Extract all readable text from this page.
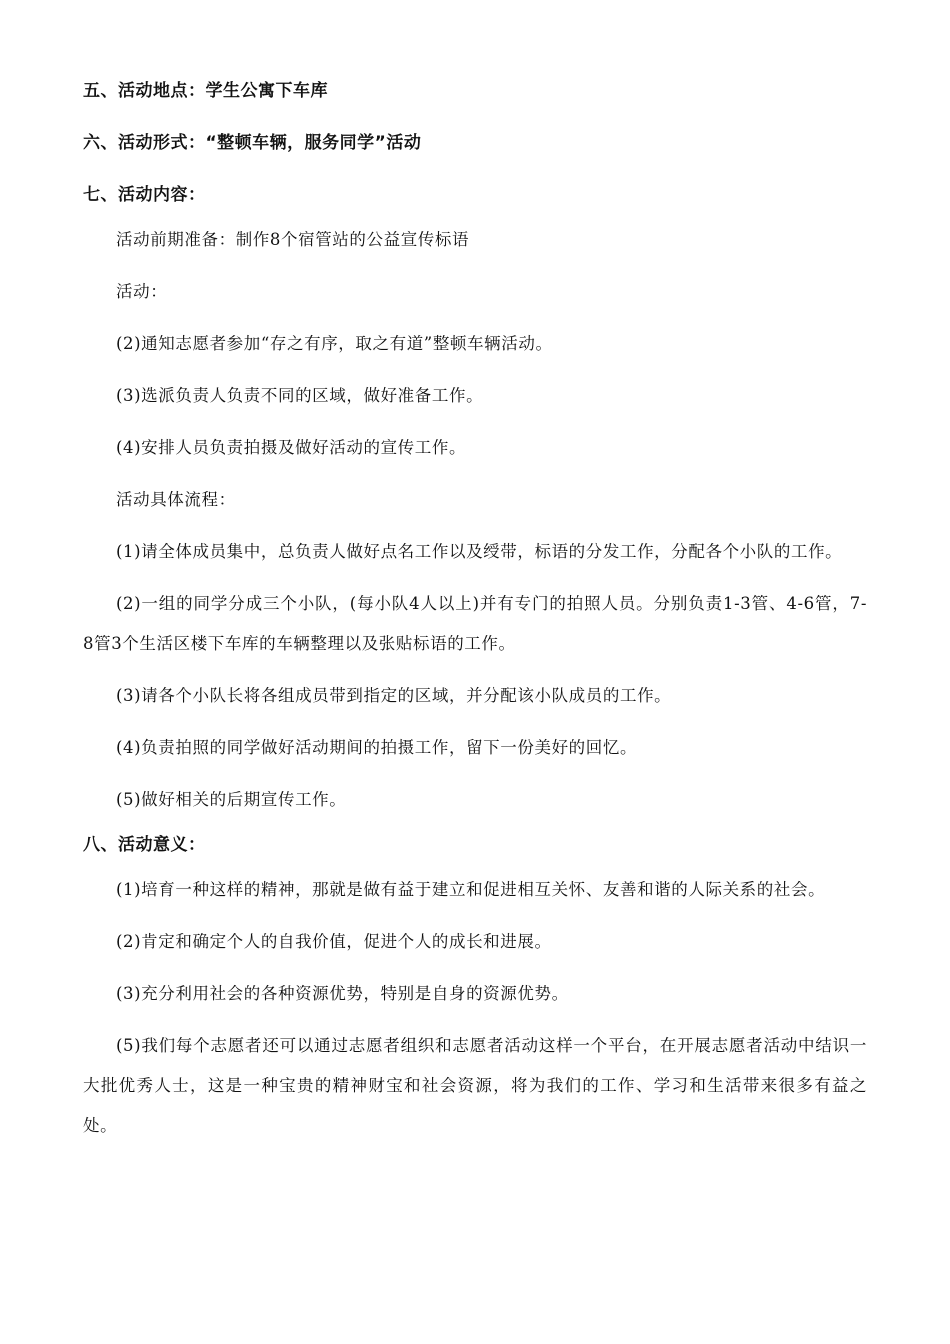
五、活动地点：学生公寓下车库

六、活动形式：“整顿车辆，服务同学”活动

七、活动内容：

活动前期准备：制作8个宿管站的公益宣传标语

活动：

(2)通知志愿者参加“存之有序，取之有道”整顿车辆活动。

(3)选派负责人负责不同的区域，做好准备工作。

(4)安排人员负责拍摄及做好活动的宣传工作。

活动具体流程：

(1)请全体成员集中，总负责人做好点名工作以及绶带，标语的分发工作，分配各个小队的工作。

(2)一组的同学分成三个小队，(每小队4人以上)并有专门的拍照人员。分别负责1-3管、4-6管，7-8管3个生活区楼下车库的车辆整理以及张贴标语的工作。

(3)请各个小队长将各组成员带到指定的区域，并分配该小队成员的工作。

(4)负责拍照的同学做好活动期间的拍摄工作，留下一份美好的回忆。

(5)做好相关的后期宣传工作。

八、活动意义：

(1)培育一种这样的精神，那就是做有益于建立和促进相互关怀、友善和谐的人际关系的社会。

(2)肯定和确定个人的自我价值，促进个人的成长和进展。

(3)充分利用社会的各种资源优势，特别是自身的资源优势。

(5)我们每个志愿者还可以通过志愿者组织和志愿者活动这样一个平台，在开展志愿者活动中结识一大批优秀人士，这是一种宝贵的精神财宝和社会资源，将为我们的工作、学习和生活带来很多有益之处。
